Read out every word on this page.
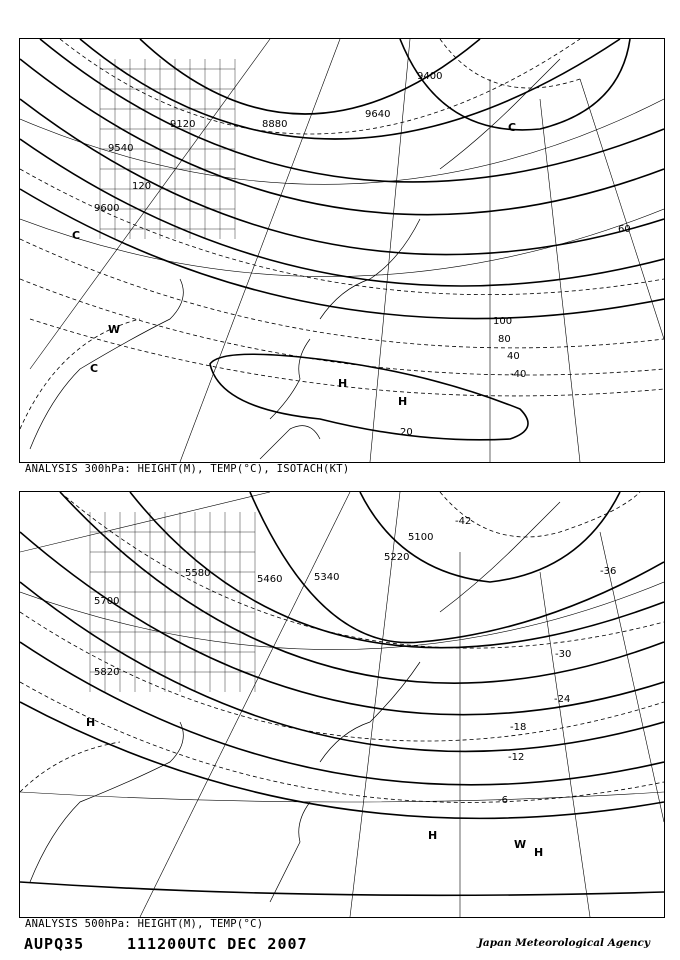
9400
9640
9120	8880
9540
9600
20
40
60
80
100
120
-40
H
H
C
C
W
C
ANALYSIS 300hPa: HEIGHT(M), TEMP(°C), ISOTACH(KT)
5100
5220
5340
5460
5580
5700
5820
-42
-36
-30
-24
-18
-12
-6
H
W
H
H
ANALYSIS 500hPa: HEIGHT(M), TEMP(°C)
AUPQ35	111200UTC DEC 2007	Japan Meteorological Agency
